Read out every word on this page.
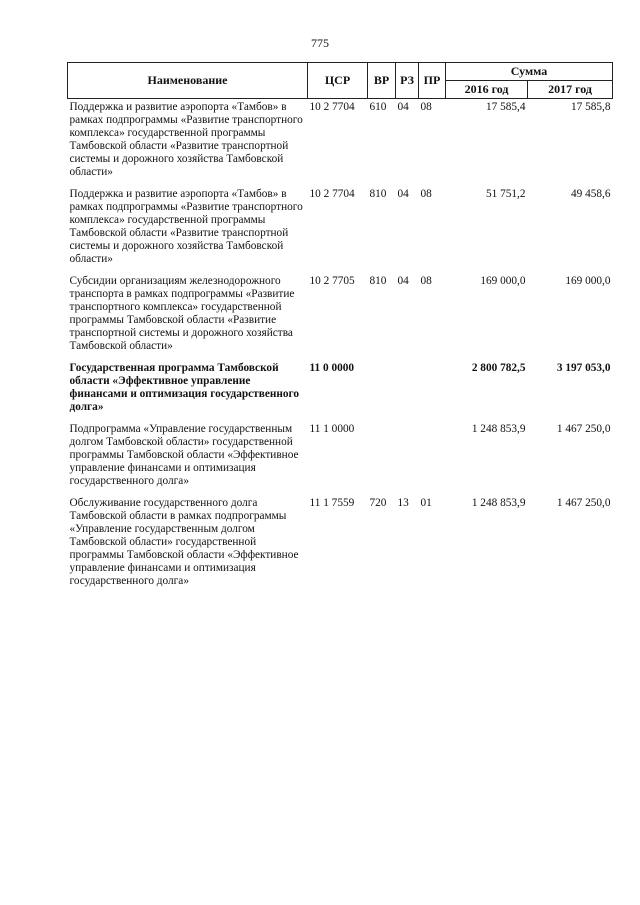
775
Наименование	ЦСР	ВР	РЗ	ПР	Сумма	
					2016 год	2017 год
Поддержка и развитие аэропорта «Тамбов» в рамках подпрограммы «Развитие транспортного комплекса» государственной программы Тамбовской области «Развитие транспортной системы и дорожного хозяйства Тамбовской области»	10 2 7704	610	04	08	17 585,4	17 585,8
Поддержка и развитие аэропорта «Тамбов» в рамках подпрограммы «Развитие транспортного комплекса» государственной программы Тамбовской области «Развитие транспортной системы и дорожного хозяйства Тамбовской области»	10 2 7704	810	04	08	51 751,2	49 458,6
Субсидии организациям железнодорожного транспорта в рамках подпрограммы «Развитие транспортного комплекса» государственной программы Тамбовской области «Развитие транспортной системы и дорожного хозяйства Тамбовской области»	10 2 7705	810	04	08	169 000,0	169 000,0
Государственная программа Тамбовской области «Эффективное управление финансами и оптимизация государственного долга»	11 0 0000				2 800 782,5	3 197 053,0
Подпрограмма «Управление государственным долгом Тамбовской области» государственной программы Тамбовской области «Эффективное управление финансами и оптимизация государственного долга»	11 1 0000				1 248 853,9	1 467 250,0
Обслуживание государственного долга Тамбовской области в рамках подпрограммы «Управление государственным долгом Тамбовской области» государственной программы Тамбовской области «Эффективное управление финансами и оптимизация государственного долга»	11 1 7559	720	13	01	1 248 853,9	1 467 250,0
